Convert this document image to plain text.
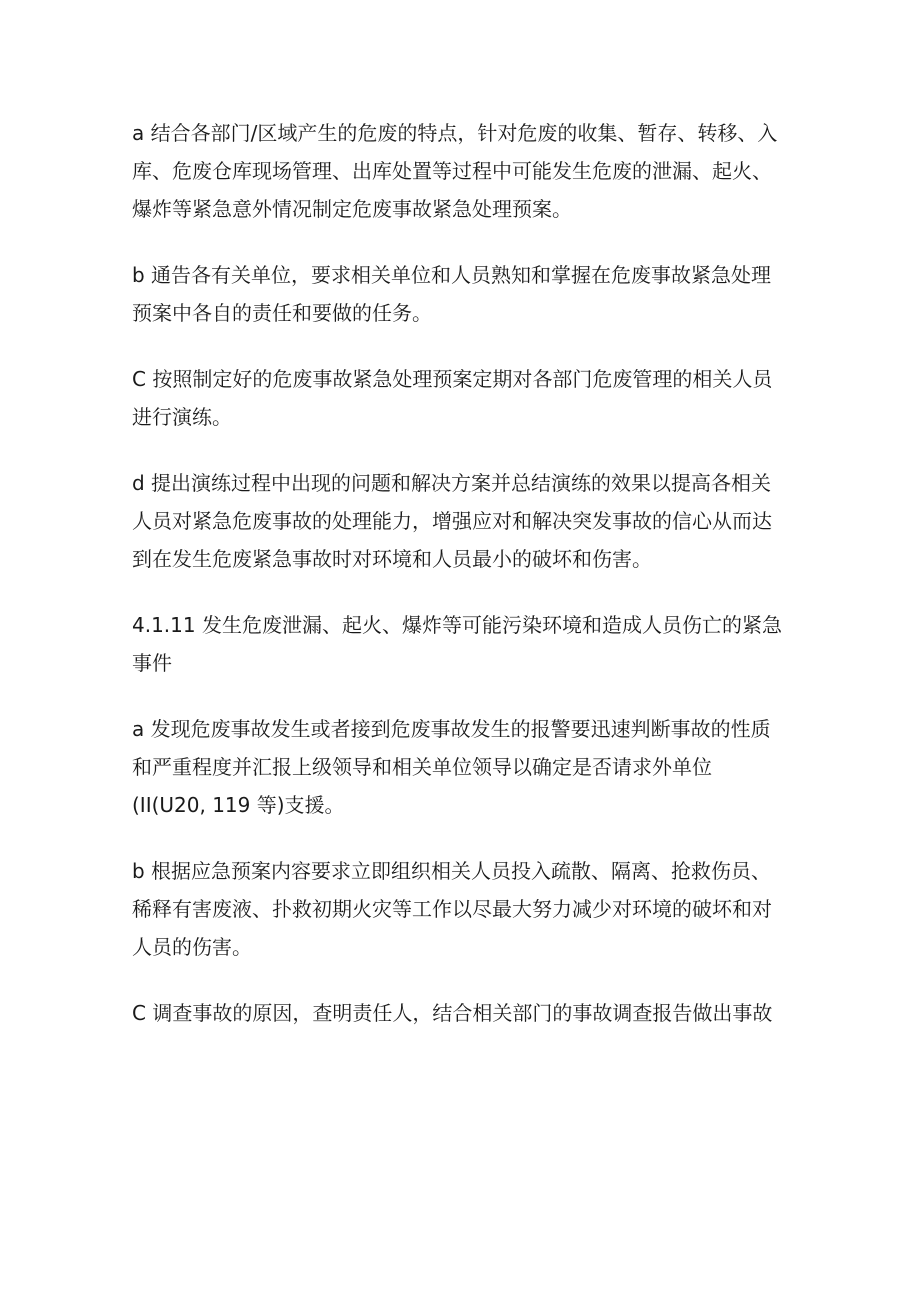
a 结合各部门/区域产生的危废的特点，针对危废的收集、暂存、转移、入
库、危废仓库现场管理、出库处置等过程中可能发生危废的泄漏、起火、
爆炸等紧急意外情况制定危废事故紧急处理预案。

b 通告各有关单位，要求相关单位和人员熟知和掌握在危废事故紧急处理
预案中各自的责任和要做的任务。

C 按照制定好的危废事故紧急处理预案定期对各部门危废管理的相关人员
进行演练。

d 提出演练过程中出现的问题和解决方案并总结演练的效果以提高各相关
人员对紧急危废事故的处理能力，增强应对和解决突发事故的信心从而达
到在发生危废紧急事故时对环境和人员最小的破坏和伤害。

4.1.11 发生危废泄漏、起火、爆炸等可能污染环境和造成人员伤亡的紧急
事件

a 发现危废事故发生或者接到危废事故发生的报警要迅速判断事故的性质
和严重程度并汇报上级领导和相关单位领导以确定是否请求外单位
(II(U20, 119 等)支援。

b 根据应急预案内容要求立即组织相关人员投入疏散、隔离、抢救伤员、
稀释有害废液、扑救初期火灾等工作以尽最大努力减少对环境的破坏和对
人员的伤害。

C 调查事故的原因，查明责任人，结合相关部门的事故调查报告做出事故
